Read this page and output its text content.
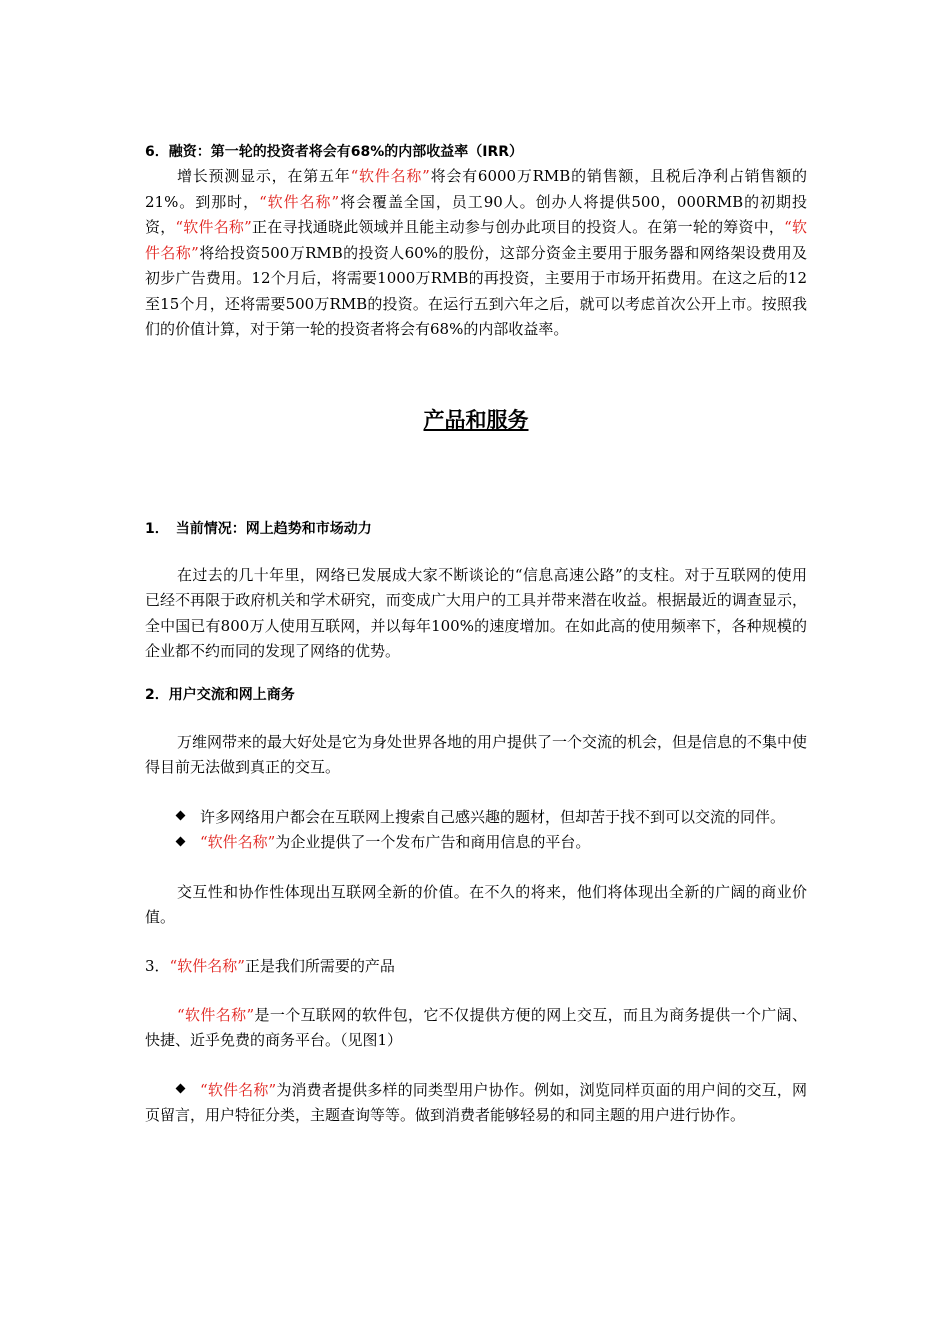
6．融资：第一轮的投资者将会有68%的内部收益率（IRR）

增长预测显示，在第五年“软件名称”将会有6000万RMB的销售额，且税后净利占销售额的21%。到那时，“软件名称”将会覆盖全国，员工90人。创办人将提供500，000RMB的初期投资，“软件名称”正在寻找通晓此领域并且能主动参与创办此项目的投资人。在第一轮的筹资中，“软件名称”将给投资500万RMB的投资人60%的股份，这部分资金主要用于服务器和网络架设费用及初步广告费用。12个月后，将需要1000万RMB的再投资，主要用于市场开拓费用。在这之后的12至15个月，还将需要500万RMB的投资。在运行五到六年之后，就可以考虑首次公开上市。按照我们的价值计算，对于第一轮的投资者将会有68%的内部收益率。

产品和服务

1．　当前情况：网上趋势和市场动力

在过去的几十年里，网络已发展成大家不断谈论的“信息高速公路”的支柱。对于互联网的使用已经不再限于政府机关和学术研究，而变成广大用户的工具并带来潜在收益。根据最近的调查显示，全中国已有800万人使用互联网，并以每年100%的速度增加。在如此高的使用频率下，各种规模的企业都不约而同的发现了网络的优势。

2．用户交流和网上商务

万维网带来的最大好处是它为身处世界各地的用户提供了一个交流的机会，但是信息的不集中使得目前无法做到真正的交互。

许多网络用户都会在互联网上搜索自己感兴趣的题材，但却苦于找不到可以交流的同伴。

“软件名称”为企业提供了一个发布广告和商用信息的平台。

交互性和协作性体现出互联网全新的价值。在不久的将来，他们将体现出全新的广阔的商业价值。

3．“软件名称”正是我们所需要的产品

“软件名称”是一个互联网的软件包，它不仅提供方便的网上交互，而且为商务提供一个广阔、快捷、近乎免费的商务平台。（见图1）

“软件名称”为消费者提供多样的同类型用户协作。例如，浏览同样页面的用户间的交互，网页留言，用户特征分类，主题查询等等。做到消费者能够轻易的和同主题的用户进行协作。
